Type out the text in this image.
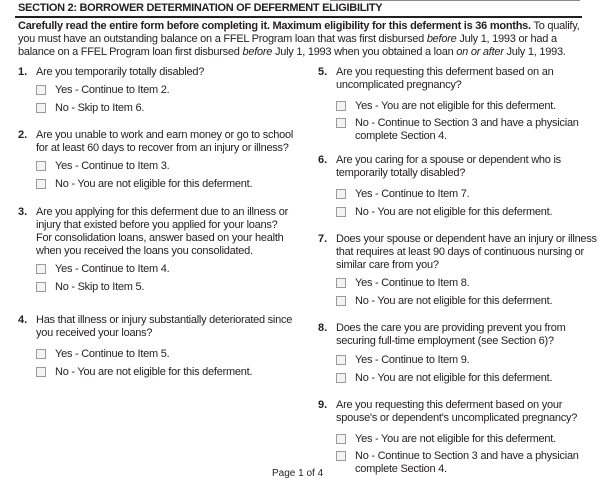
SECTION 2: BORROWER DETERMINATION OF DEFERMENT ELIGIBILITY
Carefully read the entire form before completing it. Maximum eligibility for this deferment is 36 months. To qualify, you must have an outstanding balance on a FFEL Program loan that was first disbursed before July 1, 1993 or had a balance on a FFEL Program loan first disbursed before July 1, 1993 when you obtained a loan on or after July 1, 1993.
1. Are you temporarily totally disabled?
Yes - Continue to Item 2.
No - Skip to Item 6.
2. Are you unable to work and earn money or go to school for at least 60 days to recover from an injury or illness?
Yes - Continue to Item 3.
No - You are not eligible for this deferment.
3. Are you applying for this deferment due to an illness or injury that existed before you applied for your loans? For consolidation loans, answer based on your health when you received the loans you consolidated.
Yes - Continue to Item 4.
No - Skip to Item 5.
4. Has that illness or injury substantially deteriorated since you received your loans?
Yes - Continue to Item 5.
No - You are not eligible for this deferment.
5. Are you requesting this deferment based on an uncomplicated pregnancy?
Yes - You are not eligible for this deferment.
No - Continue to Section 3 and have a physician complete Section 4.
6. Are you caring for a spouse or dependent who is temporarily totally disabled?
Yes - Continue to Item 7.
No - You are not eligible for this deferment.
7. Does your spouse or dependent have an injury or illness that requires at least 90 days of continuous nursing or similar care from you?
Yes - Continue to Item 8.
No - You are not eligible for this deferment.
8. Does the care you are providing prevent you from securing full-time employment (see Section 6)?
Yes - Continue to Item 9.
No - You are not eligible for this deferment.
9. Are you requesting this deferment based on your spouse's or dependent's uncomplicated pregnancy?
Yes - You are not eligible for this deferment.
No - Continue to Section 3 and have a physician complete Section 4.
Page 1 of 4
